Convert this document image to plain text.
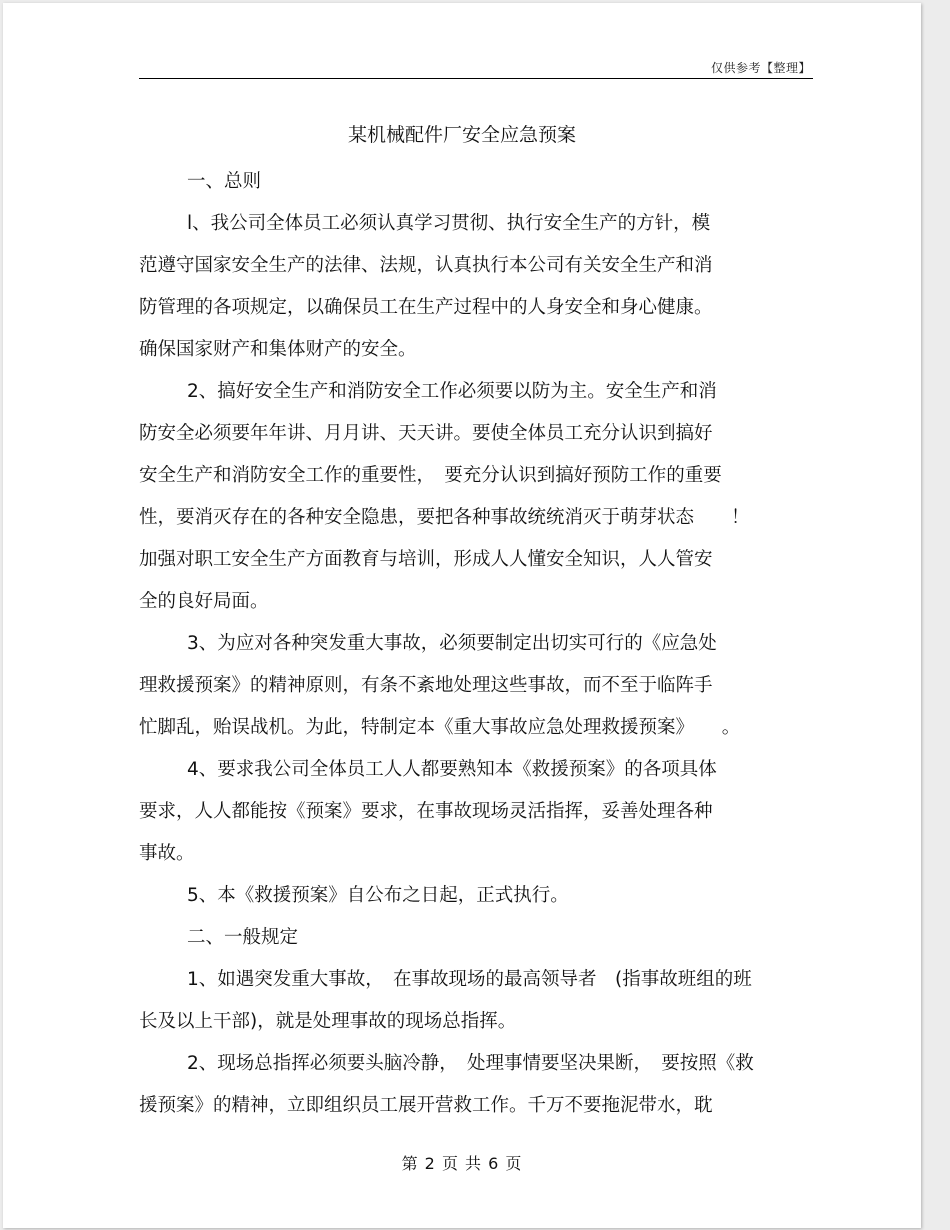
仅供参考【整理】
某机械配件厂安全应急预案
一、总则
l、我公司全体员工必须认真学习贯彻、执行安全生产的方针，模
范遵守国家安全生产的法律、法规，认真执行本公司有关安全生产和消
防管理的各项规定，以确保员工在生产过程中的人身安全和身心健康。
确保国家财产和集体财产的安全。
2、搞好安全生产和消防安全工作必须要以防为主。安全生产和消
防安全必须要年年讲、月月讲、天天讲。要使全体员工充分认识到搞好
安全生产和消防安全工作的重要性，　要充分认识到搞好预防工作的重要
性，要消灭存在的各种安全隐患，要把各种事故统统消灭于萌芽状态　　！
加强对职工安全生产方面教育与培训，形成人人懂安全知识，人人管安
全的良好局面。
3、为应对各种突发重大事故，必须要制定出切实可行的《应急处
理救援预案》的精神原则，有条不紊地处理这些事故，而不至于临阵手
忙脚乱，贻误战机。为此，特制定本《重大事故应急处理救援预案》　　。
4、要求我公司全体员工人人都要熟知本《救援预案》的各项具体
要求，人人都能按《预案》要求，在事故现场灵活指挥，妥善处理各种
事故。
5、本《救援预案》自公布之日起，正式执行。
二、一般规定
1、如遇突发重大事故，　在事故现场的最高领导者　(指事故班组的班
长及以上干部)，就是处理事故的现场总指挥。
2、现场总指挥必须要头脑冷静，　处理事情要坚决果断，　要按照《救
援预案》的精神，立即组织员工展开营救工作。千万不要拖泥带水，耽
第 2 页 共 6 页
